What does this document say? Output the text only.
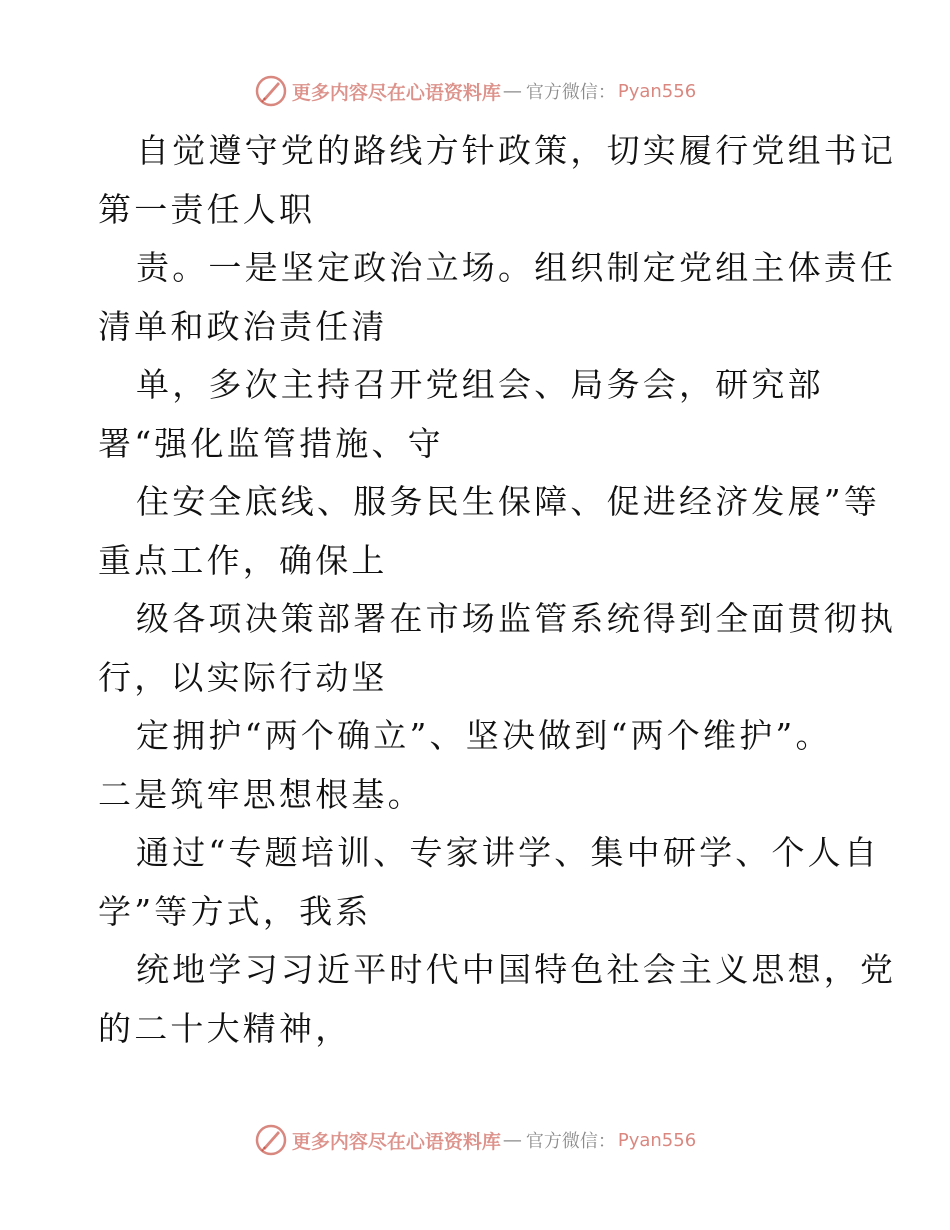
更多内容尽在心语资料库 — 官方微信： Pyan556
自觉遵守党的路线方针政策，切实履行党组书记
第一责任人职
责。一是坚定政治立场。组织制定党组主体责任
清单和政治责任清
单，多次主持召开党组会、局务会，研究部
署“强化监管措施、守
住安全底线、服务民生保障、促进经济发展”等
重点工作，确保上
级各项决策部署在市场监管系统得到全面贯彻执
行，以实际行动坚
定拥护“两个确立”、坚决做到“两个维护”。
二是筑牢思想根基。
通过“专题培训、专家讲学、集中研学、个人自
学”等方式，我系
统地学习习近平时代中国特色社会主义思想，党
的二十大精神，
更多内容尽在心语资料库 — 官方微信： Pyan556
